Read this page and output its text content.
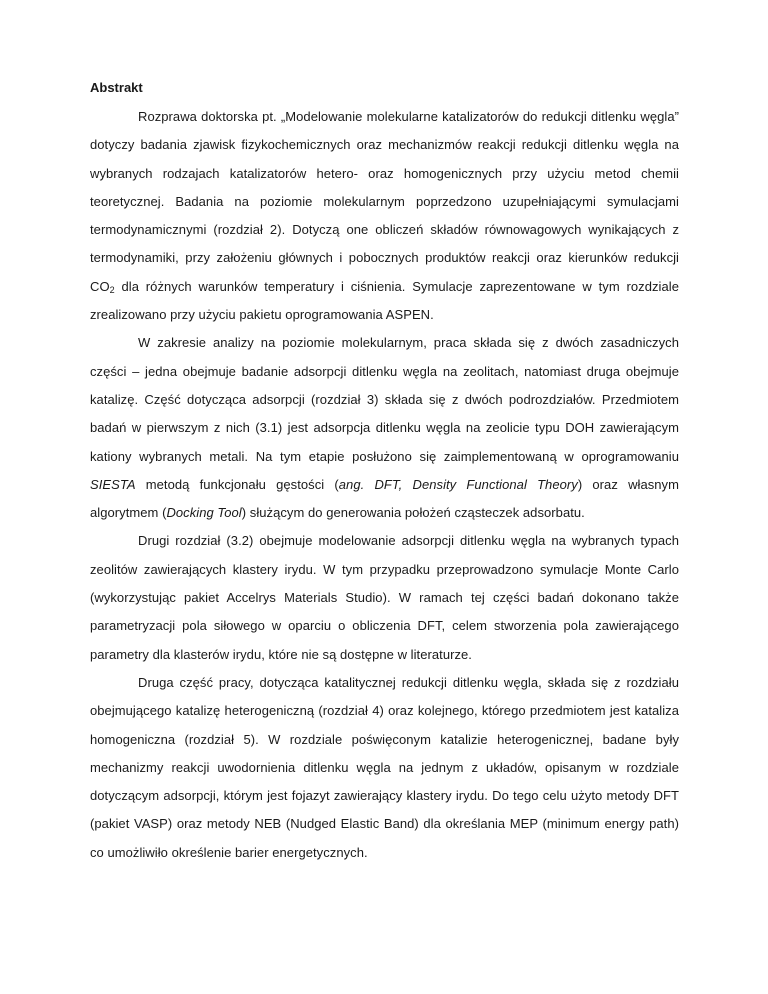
Abstrakt

Rozprawa doktorska pt. „Modelowanie molekularne katalizatorów do redukcji ditlenku węgla” dotyczy badania zjawisk fizykochemicznych oraz mechanizmów reakcji redukcji ditlenku węgla na wybranych rodzajach katalizatorów hetero- oraz homogenicznych przy użyciu metod chemii teoretycznej. Badania na poziomie molekularnym poprzedzono uzupełniającymi symulacjami termodynamicznymi (rozdział 2). Dotyczą one obliczeń składów równowagowych wynikających z termodynamiki, przy założeniu głównych i pobocznych produktów reakcji oraz kierunków redukcji $CO_2$ dla różnych warunków temperatury i ciśnienia. Symulacje zaprezentowane w tym rozdziale zrealizowano przy użyciu pakietu oprogramowania ASPEN.

W zakresie analizy na poziomie molekularnym, praca składa się z dwóch zasadniczych części – jedna obejmuje badanie adsorpcji ditlenku węgla na zeolitach, natomiast druga obejmuje katalizę. Część dotycząca adsorpcji (rozdział 3) składa się z dwóch podrozdziałów. Przedmiotem badań w pierwszym z nich (3.1) jest adsorpcja ditlenku węgla na zeolicie typu DOH zawierającym kationy wybranych metali. Na tym etapie posłużono się zaimplementowaną w oprogramowaniu SIESTA metodą funkcjonału gęstości (ang. DFT, Density Functional Theory) oraz własnym algorytmem (Docking Tool) służącym do generowania położeń cząsteczek adsorbatu.

Drugi rozdział (3.2) obejmuje modelowanie adsorpcji ditlenku węgla na wybranych typach zeolitów zawierających klastery irydu. W tym przypadku przeprowadzono symulacje Monte Carlo (wykorzystując pakiet Accelrys Materials Studio). W ramach tej części badań dokonano także parametryzacji pola siłowego w oparciu o obliczenia DFT, celem stworzenia pola zawierającego parametry dla klasterów irydu, które nie są dostępne w literaturze.

Druga część pracy, dotycząca katalitycznej redukcji ditlenku węgla, składa się z rozdziału obejmującego katalizę heterogeniczną (rozdział 4) oraz kolejnego, którego przedmiotem jest kataliza homogeniczna (rozdział 5). W rozdziale poświęconym katalizie heterogenicznej, badane były mechanizmy reakcji uwodornienia ditlenku węgla na jednym z układów, opisanym w rozdziale dotyczącym adsorpcji, którym jest fojazyt zawierający klastery irydu. Do tego celu użyto metody DFT (pakiet VASP) oraz metody NEB (Nudged Elastic Band) dla określania MEP (minimum energy path) co umożliwiło określenie barier energetycznych.
